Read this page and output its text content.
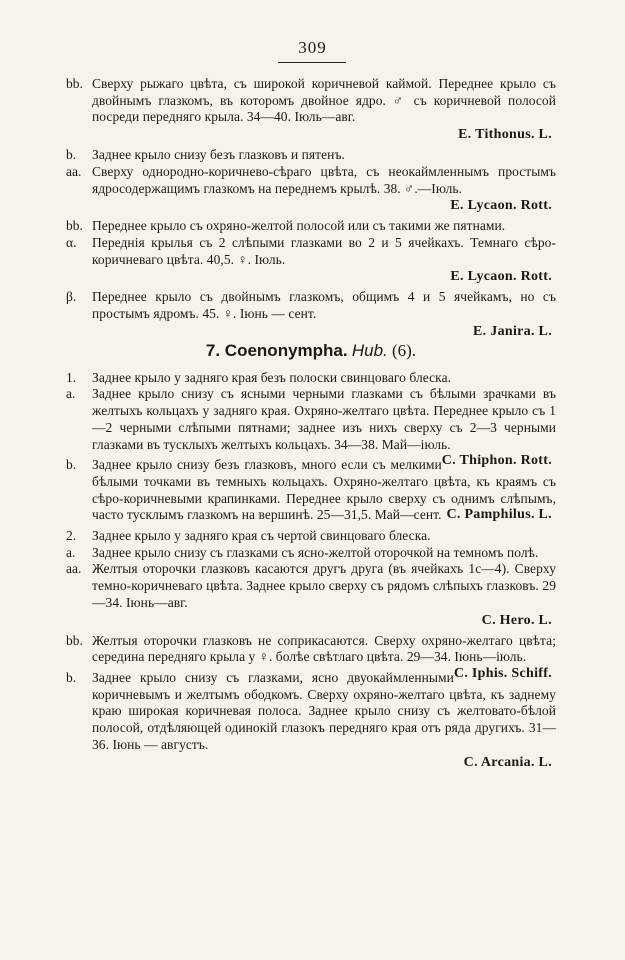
309
bb. Сверху рыжаго цвѣта, съ широкой коричневой каймой. Переднее крыло съ двойнымъ глазкомъ, въ которомъ двойное ядро. ♂ съ коричневой полосой посреди передняго крыла. 34—40. Іюль—авг.
E. Tithonus. L.
b.	Заднее крыло снизу безъ глазковъ и пятенъ.
aa. Сверху однородно-коричнево-сѣраго цвѣта, съ неокаймленнымъ простымъ ядросодержащимъ глазкомъ на переднемъ крылѣ. 38. ♂.—Іюль.
E. Lycaon. Rott.
bb. Переднее крыло съ охряно-желтой полосой или съ такими же пятнами.
α.	Переднія крылья съ 2 слѣпыми глазками во 2 и 5 ячейкахъ. Темнаго сѣро-коричневаго цвѣта. 40,5. ♀. Іюль.
E. Lycaon. Rott.
β.	Переднее крыло съ двойнымъ глазкомъ, общимъ 4 и 5 ячейкамъ, но съ простымъ ядромъ. 45. ♀. Іюнь — сент.
E. Janira. L.
7. Coenonympha. Hub. (6).
1.	Заднее крыло у задняго края безъ полоски свинцоваго блеска.
a.	Заднее крыло снизу съ ясными черными глазками съ бѣлыми зрачками въ желтыхъ кольцахъ у задняго края. Охряно-желтаго цвѣта. Переднее крыло съ 1—2 черными слѣпыми пятнами; заднее изъ нихъ сверху съ 2—3 черными глазками въ тусклыхъ желтыхъ кольцахъ. 34—38. Май—іюль.
C. Thiphon. Rott.
b.	Заднее крыло снизу безъ глазковъ, много если съ мелкими бѣлыми точками въ темныхъ кольцахъ. Охряно-желтаго цвѣта, къ краямъ съ сѣро-коричневыми крапинками. Переднее крыло сверху съ однимъ слѣпымъ, часто тусклымъ глазкомъ на вершинѣ. 25—31,5. Май—сент. C. Pamphilus. L.
2.	Заднее крыло у задняго края съ чертой свинцоваго блеска.
a.	Заднее крыло снизу съ глазками съ ясно-желтой оторочкой на темномъ полѣ.
aa. Желтыя оторочки глазковъ касаются другъ друга (въ ячейкахъ 1с—4). Сверху темно-коричневаго цвѣта. Заднее крыло сверху съ рядомъ слѣпыхъ глазковъ. 29—34. Іюнь—авг.
C. Hero. L.
bb. Желтыя оторочки глазковъ не соприкасаются. Сверху охряно-желтаго цвѣта; середина передняго крыла у ♀. болѣе свѣтлаго цвѣта. 29—34. Іюнь—іюль.
C. Iphis. Schiff.
b.	Заднее крыло снизу съ глазками, ясно двуокаймленными коричневымъ и желтымъ ободкомъ. Сверху охряно-желтаго цвѣта, къ заднему краю широкая коричневая полоса. Заднее крыло снизу съ желтовато-бѣлой полосой, отдѣляющей одинокій глазокъ передняго края отъ ряда другихъ. 31—36. Іюнь — августъ.
C. Arcania. L.
